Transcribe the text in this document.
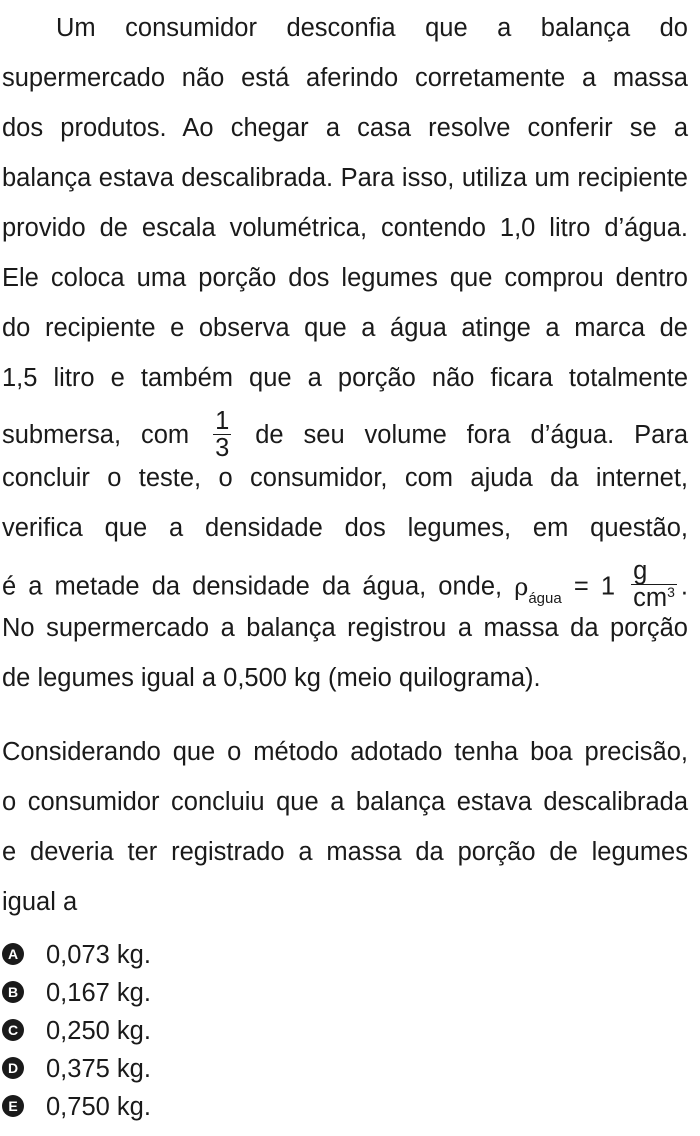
Um consumidor desconfia que a balança do
supermercado não está aferindo corretamente a massa
dos produtos. Ao chegar a casa resolve conferir se a
balança estava descalibrada. Para isso, utiliza um recipiente
provido de escala volumétrica, contendo 1,0 litro d’água.
Ele coloca uma porção dos legumes que comprou dentro
do recipiente e observa que a água atinge a marca de
1,5 litro e também que a porção não ficara totalmente
submersa, com $\frac{1}{3}$ de seu volume fora d’água. Para
concluir o teste, o consumidor, com ajuda da internet,
verifica que a densidade dos legumes, em questão,
é a metade da densidade da água, onde, $\rho_{água} = 1 \frac{g}{cm^3}$ .
No supermercado a balança registrou a massa da porção
de legumes igual a 0,500 kg (meio quilograma).
Considerando que o método adotado tenha boa precisão,
o consumidor concluiu que a balança estava descalibrada
e deveria ter registrado a massa da porção de legumes
igual a
A 0,073 kg.
B 0,167 kg.
C 0,250 kg.
D 0,375 kg.
E 0,750 kg.
